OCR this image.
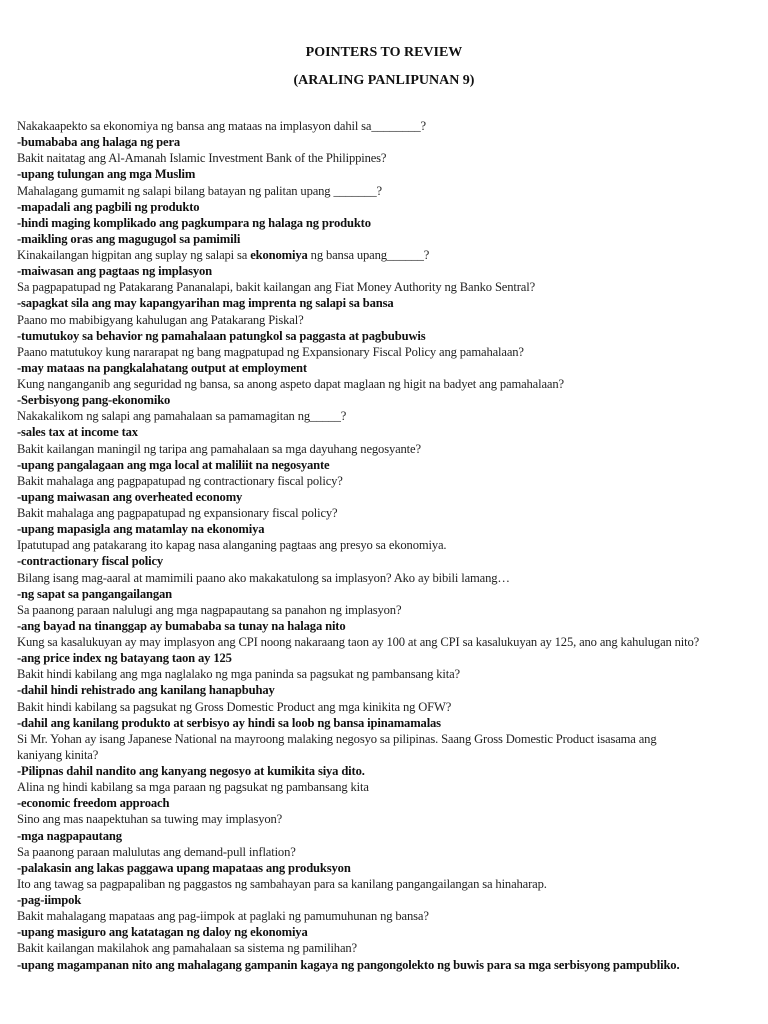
POINTERS TO REVIEW
(ARALING PANLIPUNAN 9)
Nakakaapekto sa ekonomiya ng bansa ang mataas na implasyon dahil sa________?
-bumababa ang halaga ng pera
Bakit naitatag ang Al-Amanah Islamic Investment Bank of the Philippines?
-upang tulungan ang mga Muslim
Mahalagang gumamit ng salapi bilang batayan ng palitan upang _______?
-mapadali ang pagbili ng produkto
-hindi maging komplikado ang pagkumpara ng halaga ng produkto
-maikling oras ang magugugol sa pamimili
Kinakailangan higpitan ang suplay ng salapi sa ekonomiya ng bansa upang______?
-maiwasan ang pagtaas ng implasyon
Sa pagpapatupad ng Patakarang Pananalapi, bakit kailangan ang Fiat Money Authority ng Banko Sentral?
-sapagkat sila ang may kapangyarihan mag imprenta ng salapi sa bansa
Paano mo mabibigyang kahulugan ang Patakarang Piskal?
-tumutukoy sa behavior ng pamahalaan patungkol sa paggasta at pagbubuwis
Paano matutukoy kung nararapat ng bang magpatupad ng Expansionary Fiscal Policy ang pamahalaan?
-may mataas na pangkalahatang output at employment
Kung nanganganib ang seguridad ng bansa, sa anong aspeto dapat maglaan ng higit na badyet ang pamahalaan?
-Serbisyong pang-ekonomiko
Nakakalikom ng salapi ang pamahalaan sa pamamagitan ng_____?
-sales tax at income tax
Bakit kailangan maningil ng taripa ang pamahalaan sa mga dayuhang negosyante?
-upang pangalagaan ang mga local at maliliit na negosyante
Bakit mahalaga ang pagpapatupad ng contractionary fiscal policy?
-upang maiwasan ang overheated economy
Bakit mahalaga ang pagpapatupad ng expansionary fiscal policy?
-upang mapasigla ang matamlay na ekonomiya
Ipatutupad ang patakarang ito kapag nasa alanganing pagtaas ang presyo sa ekonomiya.
-contractionary fiscal policy
Bilang isang mag-aaral at mamimili paano ako makakatulong sa implasyon? Ako ay bibili lamang…
-ng sapat sa pangangailangan
Sa paanong paraan nalulugi ang mga nagpapautang sa panahon ng implasyon?
-ang bayad na tinanggap ay bumababa sa tunay na halaga nito
Kung sa kasalukuyan ay may implasyon ang CPI noong nakaraang taon ay 100 at ang CPI sa kasalukuyan ay 125, ano ang kahulugan nito?
-ang price index ng batayang taon ay 125
Bakit hindi kabilang ang mga naglalako ng mga paninda sa pagsukat ng pambansang kita?
-dahil hindi rehistrado ang kanilang hanapbuhay
Bakit hindi kabilang sa pagsukat ng Gross Domestic Product ang mga kinikita ng OFW?
-dahil ang kanilang produkto at serbisyo ay hindi sa loob ng bansa ipinamamalas
Si Mr. Yohan ay isang Japanese National na mayroong malaking negosyo sa pilipinas. Saang Gross Domestic Product isasama ang
kaniyang kinita?
-Pilipnas dahil nandito ang kanyang negosyo at kumikita siya dito.
Alina ng hindi kabilang sa mga paraan ng pagsukat ng pambansang kita
-economic freedom approach
Sino ang mas naapektuhan sa tuwing may implasyon?
-mga nagpapautang
Sa paanong paraan malulutas ang demand-pull inflation?
-palakasin ang lakas paggawa upang mapataas ang produksyon
Ito ang tawag sa pagpapaliban ng paggastos ng sambahayan para sa kanilang pangangailangan sa hinaharap.
-pag-iimpok
Bakit mahalagang mapataas ang pag-iimpok at paglaki ng pamumuhunan ng bansa?
-upang masiguro ang katatagan ng daloy ng ekonomiya
Bakit kailangan makilahok ang pamahalaan sa sistema ng pamilihan?
-upang magampanan nito ang mahalagang gampanin kagaya ng pangongolekto ng buwis para sa mga serbisyong pampubliko.
